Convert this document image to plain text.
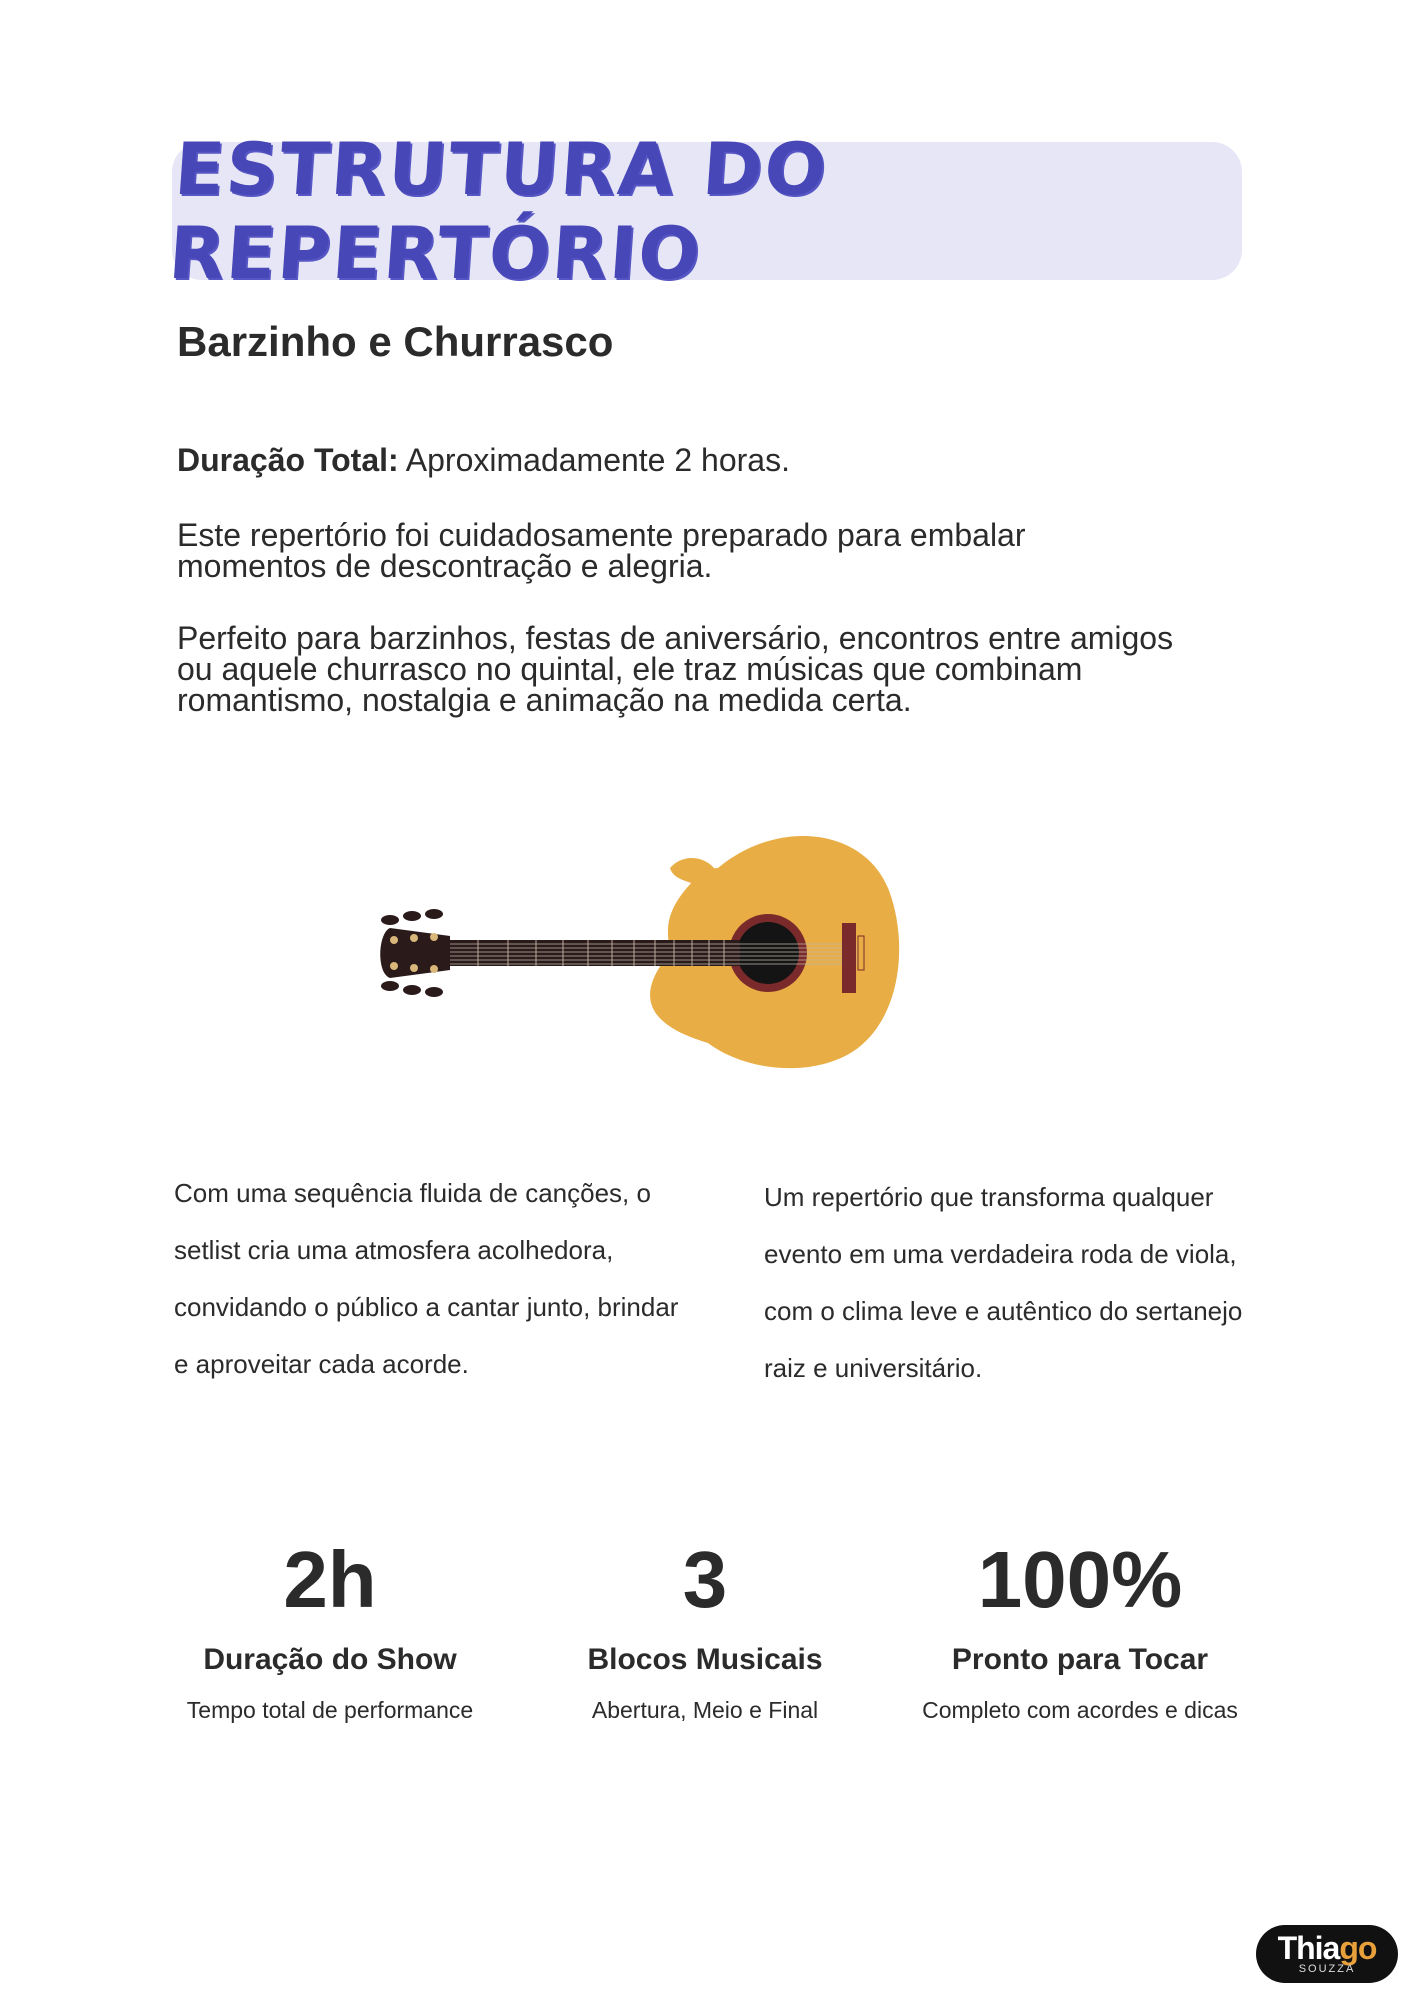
ESTRUTURA DO REPERTÓRIO
Barzinho e Churrasco

Duração Total: Aproximadamente 2 horas.

Este repertório foi cuidadosamente preparado para embalar momentos de descontração e alegria.

Perfeito para barzinhos, festas de aniversário, encontros entre amigos ou aquele churrasco no quintal, ele traz músicas que combinam romantismo, nostalgia e animação na medida certa.

Com uma sequência fluida de canções, o setlist cria uma atmosfera acolhedora, convidando o público a cantar junto, brindar e aproveitar cada acorde.

Um repertório que transforma qualquer evento em uma verdadeira roda de viola, com o clima leve e autêntico do sertanejo raiz e universitário.

2h
Duração do Show
Tempo total de performance
3
Blocos Musicais
Abertura, Meio e Final
100%
Pronto para Tocar
Completo com acordes e dicas
Thiago
SOUZZA
